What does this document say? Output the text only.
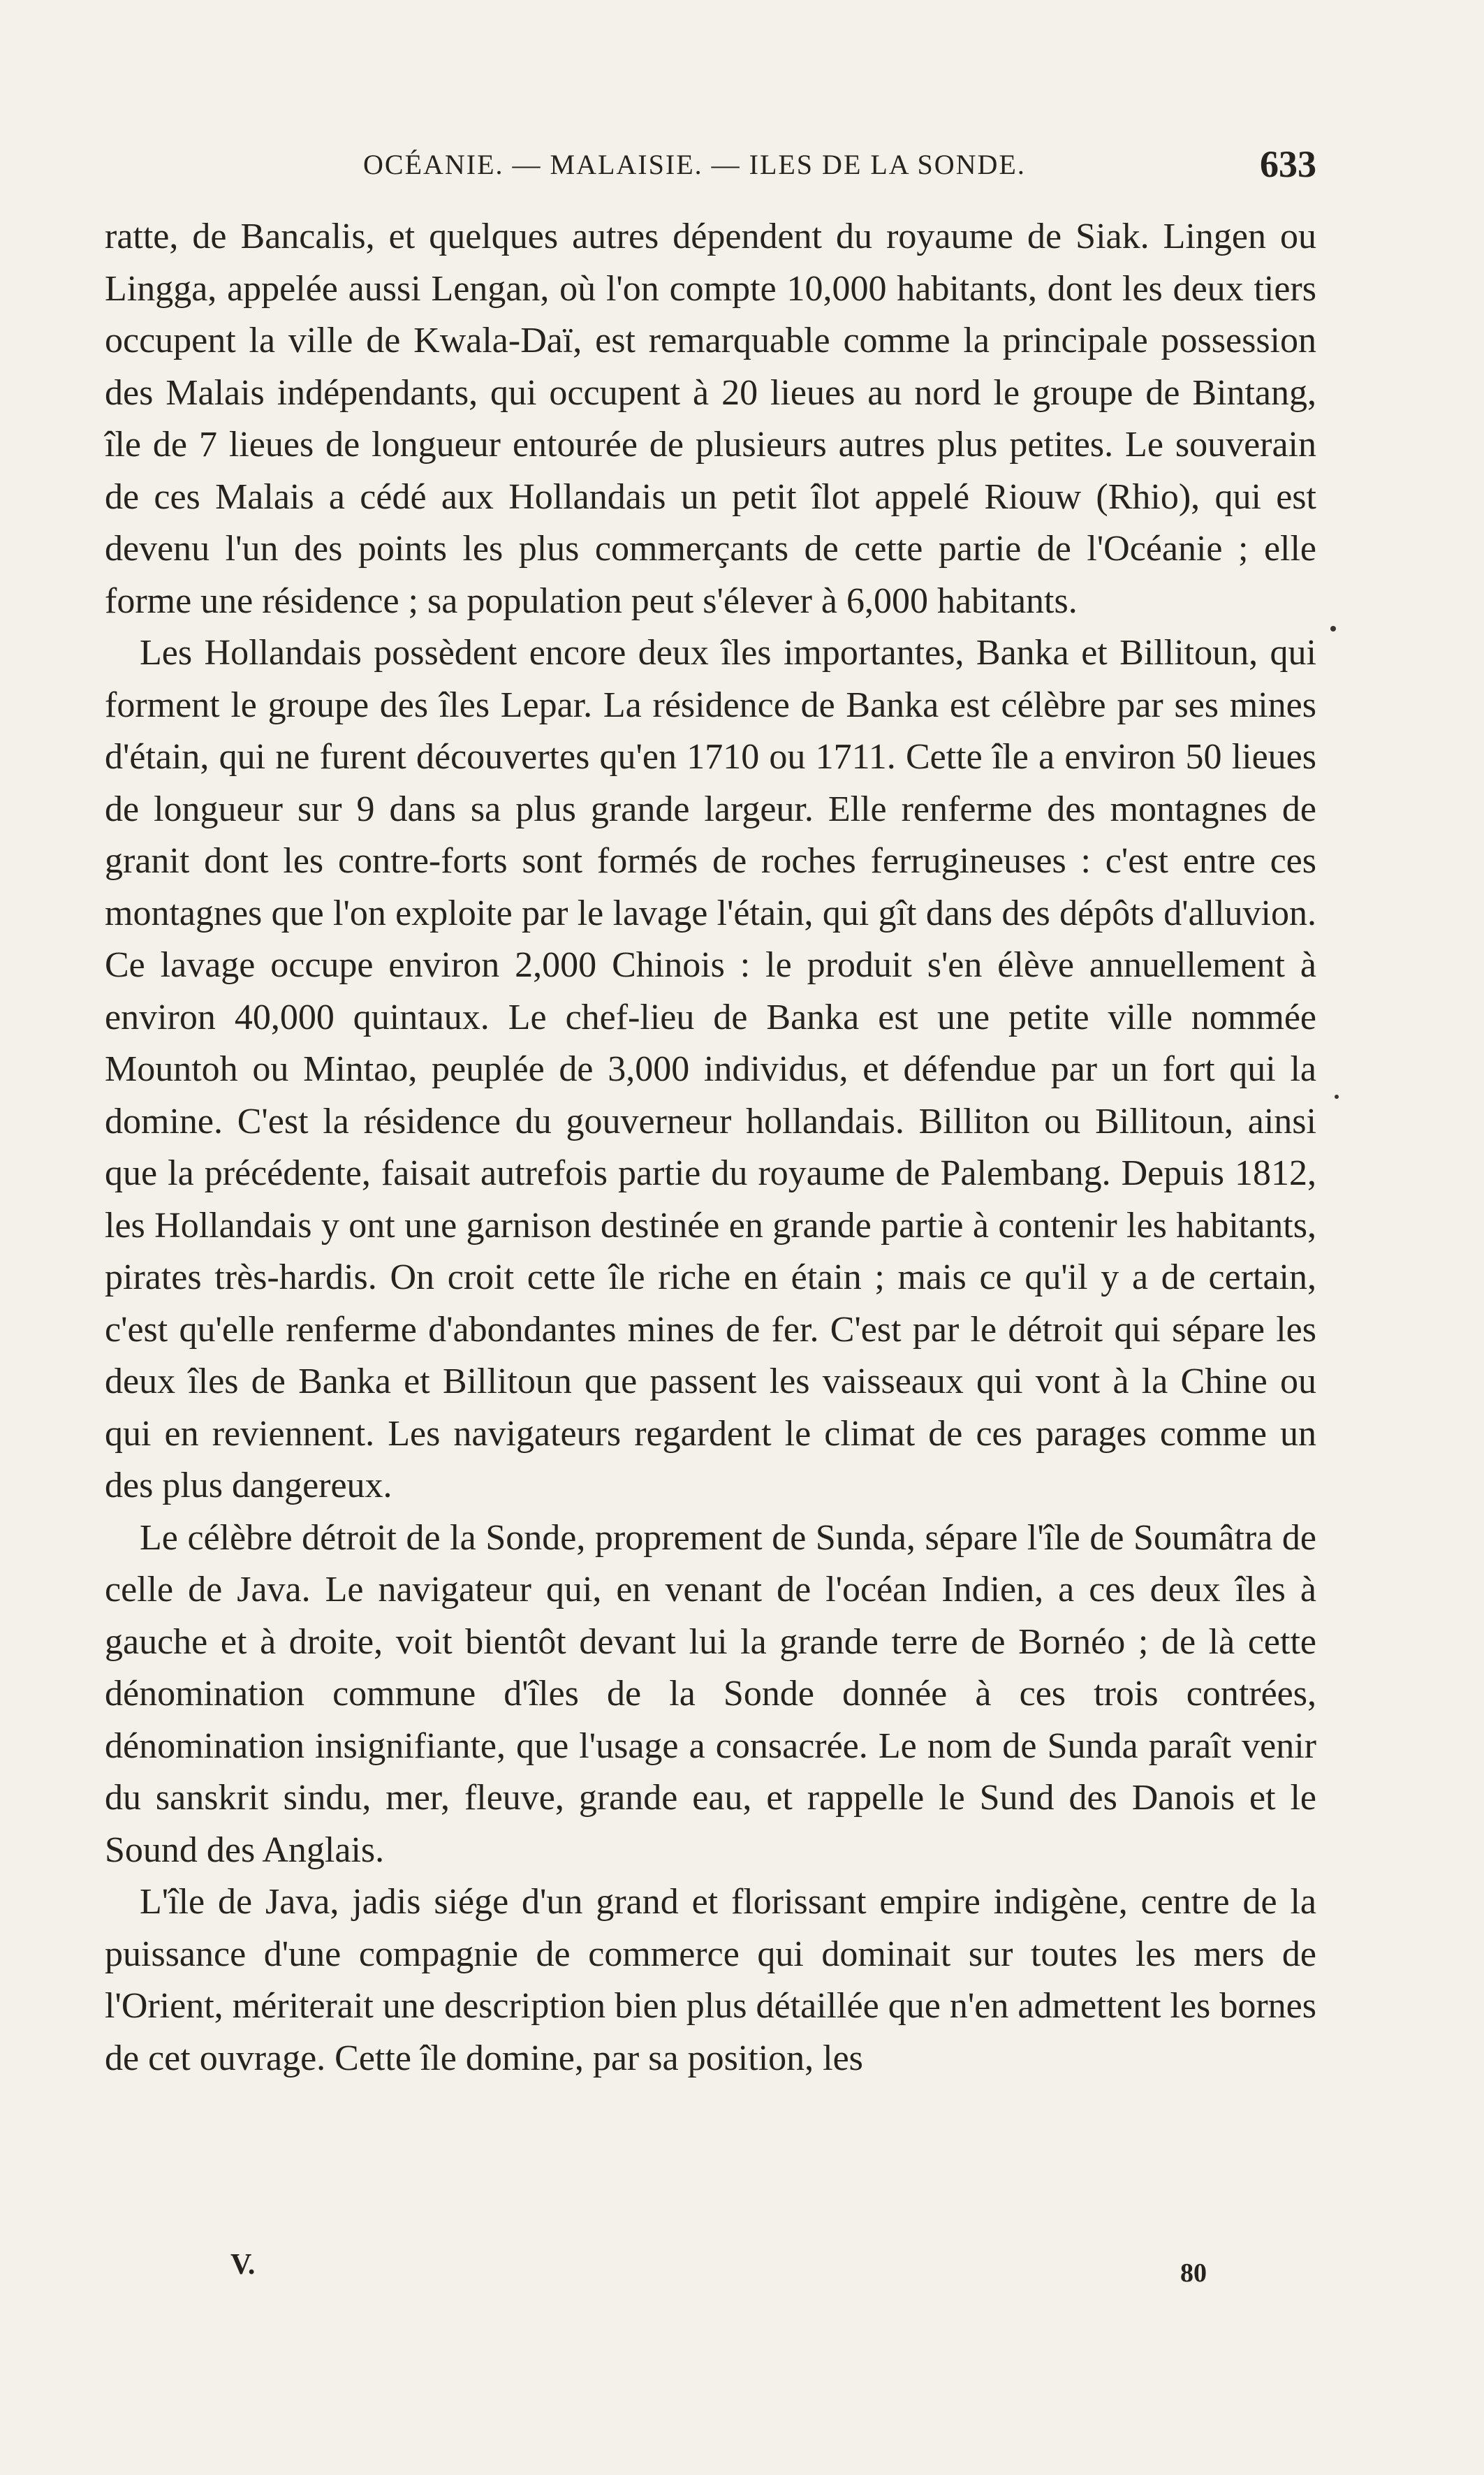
OCÉANIE. — MALAISIE. — ILES DE LA SONDE.	633

ratte, de Bancalis, et quelques autres dépendent du royaume de Siak. Lingen ou Lingga, appelée aussi Lengan, où l'on compte 10,000 habitants, dont les deux tiers occupent la ville de Kwala-Daï, est remarquable comme la principale possession des Malais indépendants, qui occupent à 20 lieues au nord le groupe de Bintang, île de 7 lieues de longueur entourée de plusieurs autres plus petites. Le souverain de ces Malais a cédé aux Hollandais un petit îlot appelé Riouw (Rhio), qui est devenu l'un des points les plus commerçants de cette partie de l'Océanie ; elle forme une résidence ; sa population peut s'élever à 6,000 habitants.

Les Hollandais possèdent encore deux îles importantes, Banka et Billitoun, qui forment le groupe des îles Lepar. La résidence de Banka est célèbre par ses mines d'étain, qui ne furent découvertes qu'en 1710 ou 1711. Cette île a environ 50 lieues de longueur sur 9 dans sa plus grande largeur. Elle renferme des montagnes de granit dont les contre-forts sont formés de roches ferrugineuses : c'est entre ces montagnes que l'on exploite par le lavage l'étain, qui gît dans des dépôts d'alluvion. Ce lavage occupe environ 2,000 Chinois : le produit s'en élève annuellement à environ 40,000 quintaux. Le chef-lieu de Banka est une petite ville nommée Mountoh ou Mintao, peuplée de 3,000 individus, et défendue par un fort qui la domine. C'est la résidence du gouverneur hollandais. Billiton ou Billitoun, ainsi que la précédente, faisait autrefois partie du royaume de Palembang. Depuis 1812, les Hollandais y ont une garnison destinée en grande partie à contenir les habitants, pirates très-hardis. On croit cette île riche en étain ; mais ce qu'il y a de certain, c'est qu'elle renferme d'abondantes mines de fer. C'est par le détroit qui sépare les deux îles de Banka et Billitoun que passent les vaisseaux qui vont à la Chine ou qui en reviennent. Les navigateurs regardent le climat de ces parages comme un des plus dangereux.

Le célèbre détroit de la Sonde, proprement de Sunda, sépare l'île de Soumâtra de celle de Java. Le navigateur qui, en venant de l'océan Indien, a ces deux îles à gauche et à droite, voit bientôt devant lui la grande terre de Bornéo ; de là cette dénomination commune d'îles de la Sonde donnée à ces trois contrées, dénomination insignifiante, que l'usage a consacrée. Le nom de Sunda paraît venir du sanskrit sindu, mer, fleuve, grande eau, et rappelle le Sund des Danois et le Sound des Anglais.

L'île de Java, jadis siége d'un grand et florissant empire indigène, centre de la puissance d'une compagnie de commerce qui dominait sur toutes les mers de l'Orient, mériterait une description bien plus détaillée que n'en admettent les bornes de cet ouvrage. Cette île domine, par sa position, les

V.	80
